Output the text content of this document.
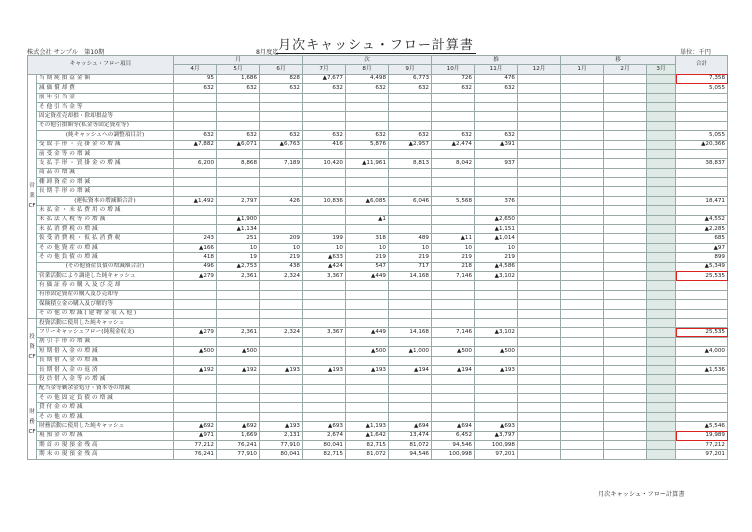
月次キャッシュ・フロー計算書
株式会社 サンプル　第10期	8月度迄	単位：千円
キャッシュ・フロー項目		月			次			推			移			合計
		4月	5月	6月	7月	8月	9月	10月	11月	12月	1月	2月	3月	
営業CF	当 期 純 損 益 金 額	95	1,686	828	▲7,677	4,498	6,773	726	476					7,358
	減 価 償 却 費	632	632	632	632	632	632	632	632					5,055
	前 年 引 当 金													
	そ 他 引 当 金 等													
	固定資産売却損・除却損益等													
	その他引損額等(私金等固定資産等)													
	(純キャッシュへの調整項目計)	632	632	632	632	632	632	632	632					5,055
	受 取 手 形 ・ 売 掛 金 の 増 減	▲7,882	▲6,071	▲6,763	416	5,876	▲2,957	▲2,474	▲391					▲20,366
	前 受 金 等 の 増 減													
	支 払 手 形 ・ 買 掛 金 の 増 減	6,200	8,868	7,189	10,420	▲11,961	8,813	8,042	937					38,837
	商 品 の 増 減													
	棚 卸 資 産 の 増 減													
	長 期 手 形 の 増 減													
	(運転資本の増減額合計)	▲1,492	2,797	426	10,836	▲6,085	6,046	5,568	376					18,471
	未 払 金 ・ 未 払 費 用 の 増 減													
	未 払 法 人 税 等 の 増 減		▲1,900			▲1			▲2,650					▲4,552
	未 払 消 費 税 の 増 減		▲1,134						▲1,151					▲2,285
	仮 受 消 費 税 ・ 仮 払 消 費 税	243	251	209	199	318	489	▲11	▲1,014					685
	そ の 他 資 産 の 増 減	▲166	10	10	10	10	10	10	10					▲97
	そ の 他 負 債 の 増 減	418	19	219	▲633	219	219	219	219					899
	(その他資産負債の増減額合計)	496	▲2,753	438	▲424	547	717	218	▲4,586					▲5,349
	営業活動により調達した純キャッシュ	▲279	2,361	2,324	3,367	▲449	14,168	7,146	▲3,102					25,535
	有 価 証 券 の 購 入 及 び 売 却													
	有形固定資産の購入及び売却等													
	保険積立金の購入及び解約等													
	そ の 他 の 増 減 ( 建 物 金 収 入 他 )													
投資CF	投資活動に使用した純キャッシュ													
	フリーキャッシュフロー(純現金収支)	▲279	2,361	2,324	3,367	▲449	14,168	7,146	▲3,102					25,535
	割 引 手 形 の 増 減													
	短 期 借 入 金 の 増 減	▲500	▲500			▲500	▲1,000	▲500	▲500					▲4,000
	長 期 借 入 金 の 増 減													
	長 期 借 入 金 の 返 済	▲192	▲192	▲193	▲193	▲193	▲194	▲194	▲193					▲1,536
	役 員 借 入 金 等 の 増 減													
財務CF	配当金等剰余金処分・資本等の増減													
	そ の 他 固 定 負 債 の 増 減													
	貸 付 金 の 増 減													
	そ の 他 の 増 減													
	財務活動に使用した純キャッシュ	▲692	▲692	▲193	▲693	▲1,193	▲694	▲694	▲693					▲5,546
	現 預 金 の 増 減	▲971	1,669	2,131	2,674	▲1,642	13,474	6,452	▲3,797					19,989
	期 首 の 現 預 金 残 高	77,212	76,241	77,910	80,041	82,715	81,072	94,546	100,998					77,212
	期 末 の 現 預 金 残 高	76,241	77,910	80,041	82,715	81,072	94,546	100,998	97,201					97,201
月次キャッシュ・フロー計算書
